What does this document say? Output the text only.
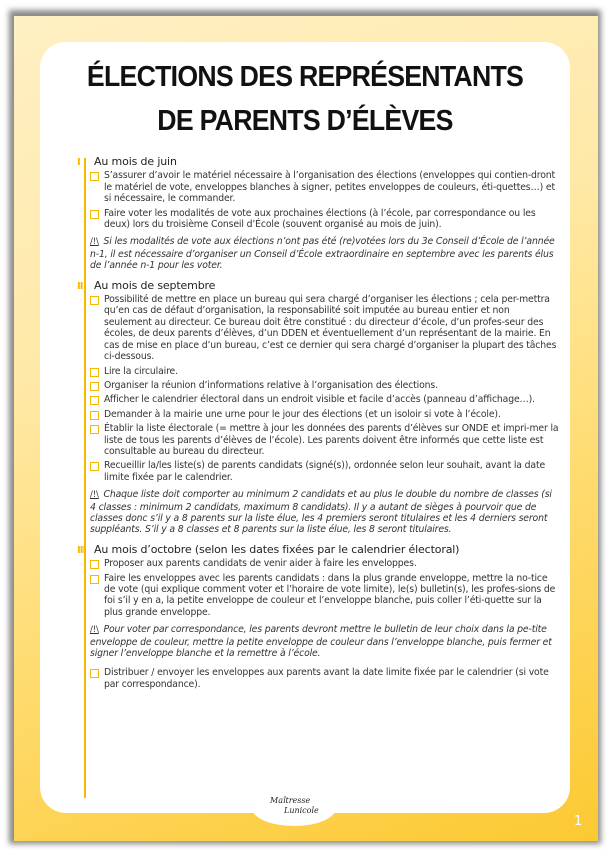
ÉLECTIONS DES REPRÉSENTANTS
DE PARENTS D’ÉLÈVES
I	Au mois de juin
S’assurer d’avoir le matériel nécessaire à l’organisation des élections (enveloppes qui contien-dront le matériel de vote, enveloppes blanches à signer, petites enveloppes de couleurs, éti-quettes…) et si nécessaire, le commander.
Faire voter les modalités de vote aux prochaines élections (à l’école, par correspondance ou les deux) lors du troisième Conseil d’École (souvent organisé au mois de juin).
/!\ Si les modalités de vote aux élections n’ont pas été (re)votées lors du 3e Conseil d’École de l’année n-1, il est nécessaire d’organiser un Conseil d’École extraordinaire en septembre avec les parents élus de l’année n-1 pour les voter.
II	Au mois de septembre
Possibilité de mettre en place un bureau qui sera chargé d’organiser les élections ; cela per-mettra qu’en cas de défaut d’organisation, la responsabilité soit imputée au bureau entier et non seulement au directeur. Ce bureau doit être constitué : du directeur d’école, d’un profes-seur des écoles, de deux parents d’élèves, d’un DDEN et éventuellement d’un représentant de la mairie. En cas de mise en place d’un bureau, c’est ce dernier qui sera chargé d’organiser la plupart des tâches ci-dessous.
Lire la circulaire.
Organiser la réunion d’informations relative à l’organisation des élections.
Afficher le calendrier électoral dans un endroit visible et facile d’accès (panneau d’affichage…).
Demander à la mairie une urne pour le jour des élections (et un isoloir si vote à l’école).
Établir la liste électorale (= mettre à jour les données des parents d’élèves sur ONDE et impri-mer la liste de tous les parents d’élèves de l’école). Les parents doivent être informés que cette liste est consultable au bureau du directeur.
Recueillir la/les liste(s) de parents candidats (signé(s)), ordonnée selon leur souhait, avant la date limite fixée par le calendrier.
/!\ Chaque liste doit comporter au minimum 2 candidats et au plus le double du nombre de classes (si 4 classes : minimum 2 candidats, maximum 8 candidats). Il y a autant de sièges à pourvoir que de classes donc s’il y a 8 parents sur la liste élue, les 4 premiers seront titulaires et les 4 derniers seront suppléants. S’il y a 8 classes et 8 parents sur la liste élue, les 8 seront titulaires.
III Au mois d’octobre (selon les dates fixées par le calendrier électoral)
Proposer aux parents candidats de venir aider à faire les enveloppes.
Faire les enveloppes avec les parents candidats : dans la plus grande enveloppe, mettre la no-tice de vote (qui explique comment voter et l’horaire de vote limite), le(s) bulletin(s), les profes-sions de foi s’il y en a, la petite enveloppe de couleur et l’enveloppe blanche, puis coller l’éti-quette sur la plus grande enveloppe.
/!\ Pour voter par correspondance, les parents devront mettre le bulletin de leur choix dans la pe-tite enveloppe de couleur, mettre la petite enveloppe de couleur dans l’enveloppe blanche, puis fermer et signer l’enveloppe blanche et la remettre à l’école.
Distribuer / envoyer les enveloppes aux parents avant la date limite fixée par le calendrier (si vote par correspondance).
Maîtresse
Lunicole
1
